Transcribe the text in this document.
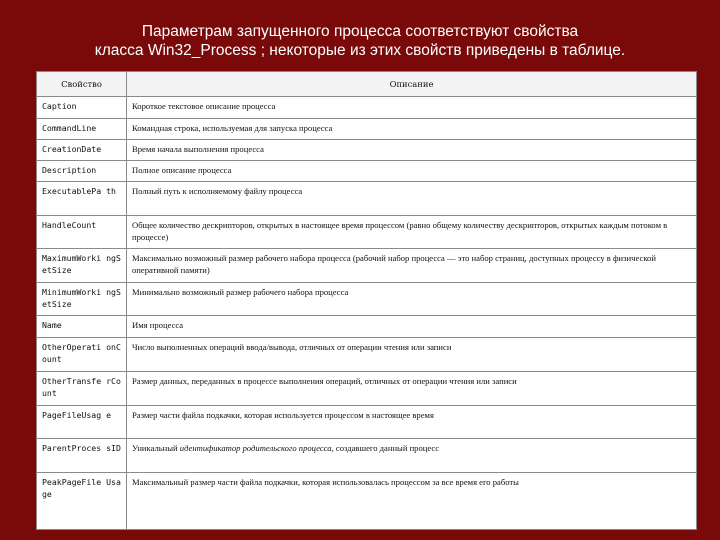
Параметрам запущенного процесса соответствуют свойства
класса Win32_Process ; некоторые из этих свойств приведены в таблице.
Свойство	Описание
Caption	Короткое текстовое описание процесса
CommandLine	Командная строка, используемая для запуска процесса
CreationDate	Время начала выполнения процесса
Description	Полное описание процесса
ExecutablePa th	Полный путь к исполняемому файлу процесса
HandleCount	Общее количество дескрипторов, открытых в настоящее время процессом (равно общему количеству дескрипторов, открытых каждым потоком в процессе)
MaximumWorki ngSetSize	Максимально возможный размер рабочего набора процесса (рабочий набор процесса — это набор страниц, доступных процессу в физической оперативной памяти)
MinimumWorki ngSetSize	Минимально возможный размер рабочего набора процесса
Name	Имя процесса
OtherOperati onCount	Число выполненных операций ввода/вывода, отличных от операции чтения или записи
OtherTransfe rCount	Размер данных, переданных в процессе выполнения операций, отличных от операции чтения или записи
PageFileUsag e	Размер части файла подкачки, которая используется процессом в настоящее время
ParentProces sID	Уникальный идентификатор родительского процесса, создавшего данный процесс
PeakPageFile Usage	Максимальный размер части файла подкачки, которая использовалась процессом за все время его работы
